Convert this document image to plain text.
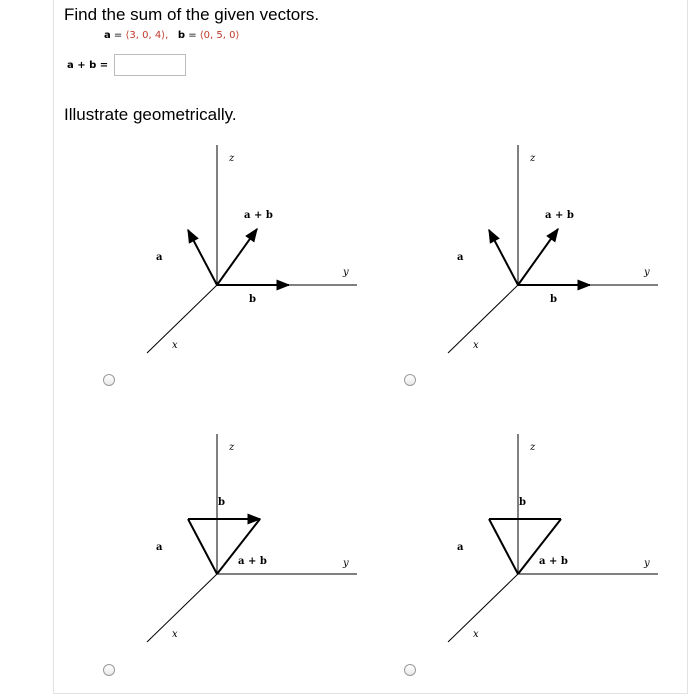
Find the sum of the given vectors.
a = ⟨3, 0, 4⟩, b = ⟨0, 5, 0⟩
a + b =
Illustrate geometrically.
z
y
x
a
b
a + b
z
y
x
a
b
a + b
z
y
x
a
b
a + b
z
y
x
a
b
a + b
